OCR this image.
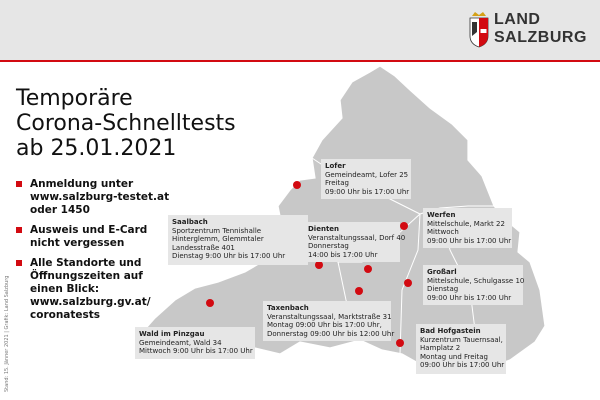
LAND
SALZBURG
Temporäre
Corona-Schnelltests
ab 25.01.2021
Anmeldung unter
www.salzburg-testet.at
oder 1450
Ausweis und E-Card
nicht vergessen
Alle Standorte und
Öffnungszeiten auf
einen Blick:
www.salzburg.gv.at/
coronatests
Stand: 15. Jänner 2021 | Grafik: Land Salzburg
Lofer
Gemeindeamt, Lofer 25
Freitag
09:00 Uhr bis 17:00 Uhr
Saalbach
Sportzentrum Tennishalle
Hinterglemm, Glemmtaler
Landesstraße 401
Dienstag 9:00 Uhr bis 17:00 Uhr
Dienten
Veranstaltungssaal, Dorf 40
Donnerstag
14:00 bis 17:00 Uhr
Werfen
Mittelschule, Markt 22
Mittwoch
09:00 Uhr bis 17:00 Uhr
Großarl
Mittelschule, Schulgasse 10
Dienstag
09:00 Uhr bis 17:00 Uhr
Taxenbach
Veranstaltungssaal, Marktstraße 31
Montag 09:00 Uhr bis 17:00 Uhr,
Donnerstag 09:00 Uhr bis 12:00 Uhr
Wald im Pinzgau
Gemeindeamt, Wald 34
Mittwoch 9:00 Uhr bis 17:00 Uhr
Bad Hofgastein
Kurzentrum Tauernsaal,
Hamplatz 2
Montag und Freitag
09:00 Uhr bis 17:00 Uhr
